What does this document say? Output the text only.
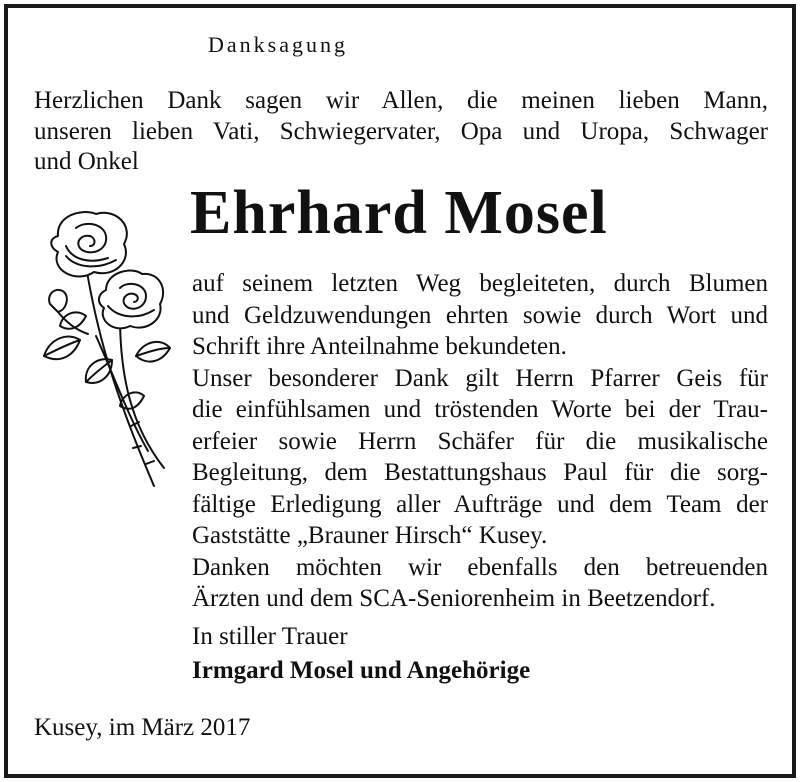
Danksagung
Herzlichen Dank sagen wir Allen, die meinen lieben Mann,
unseren lieben Vati, Schwiegervater, Opa und Uropa, Schwager
und Onkel
Ehrhard Mosel
auf seinem letzten Weg begleiteten, durch Blumen
und Geldzuwendungen ehrten sowie durch Wort und
Schrift ihre Anteilnahme bekundeten.
Unser besonderer Dank gilt Herrn Pfarrer Geis für
die einfühlsamen und tröstenden Worte bei der Trau-
erfeier sowie Herrn Schäfer für die musikalische
Begleitung, dem Bestattungshaus Paul für die sorg-
fältige Erledigung aller Aufträge und dem Team der
Gaststätte „Brauner Hirsch“ Kusey.
Danken möchten wir ebenfalls den betreuenden
Ärzten und dem SCA-Seniorenheim in Beetzendorf.
In stiller Trauer
Irmgard Mosel und Angehörige
Kusey, im März 2017
